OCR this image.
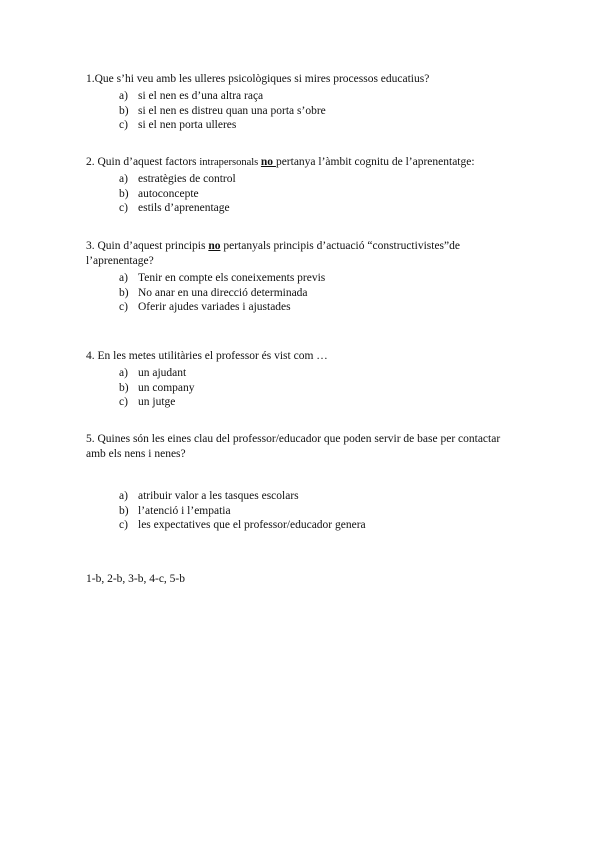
1.Que s’hi veu amb les ulleres psicològiques si mires processos educatius?

a) si el nen es d’una altra raça
b) si el nen es distreu quan una porta s’obre
c) si el nen porta ulleres

2. Quin d’aquest factors intrapersonals no pertanya l’àmbit cognitu de l’aprenentatge:

a) estratègies de control
b) autoconcepte
c) estils d’aprenentage

3. Quin d’aquest principis no pertanyals principis d’actuació “constructivistes”de l’aprenentage?

a) Tenir en compte els coneixements previs
b) No anar en una direcció determinada
c) Oferir ajudes variades i ajustades

4. En les metes utilitàries el professor és vist com …

a) un ajudant
b) un company
c) un jutge

5. Quines són les eines clau del professor/educador que poden servir de base per contactar amb els nens i nenes?

a) atribuir valor a les tasques escolars
b) l’atenció i l’empatia
c) les expectatives que el professor/educador genera
1-b, 2-b, 3-b, 4-c, 5-b
